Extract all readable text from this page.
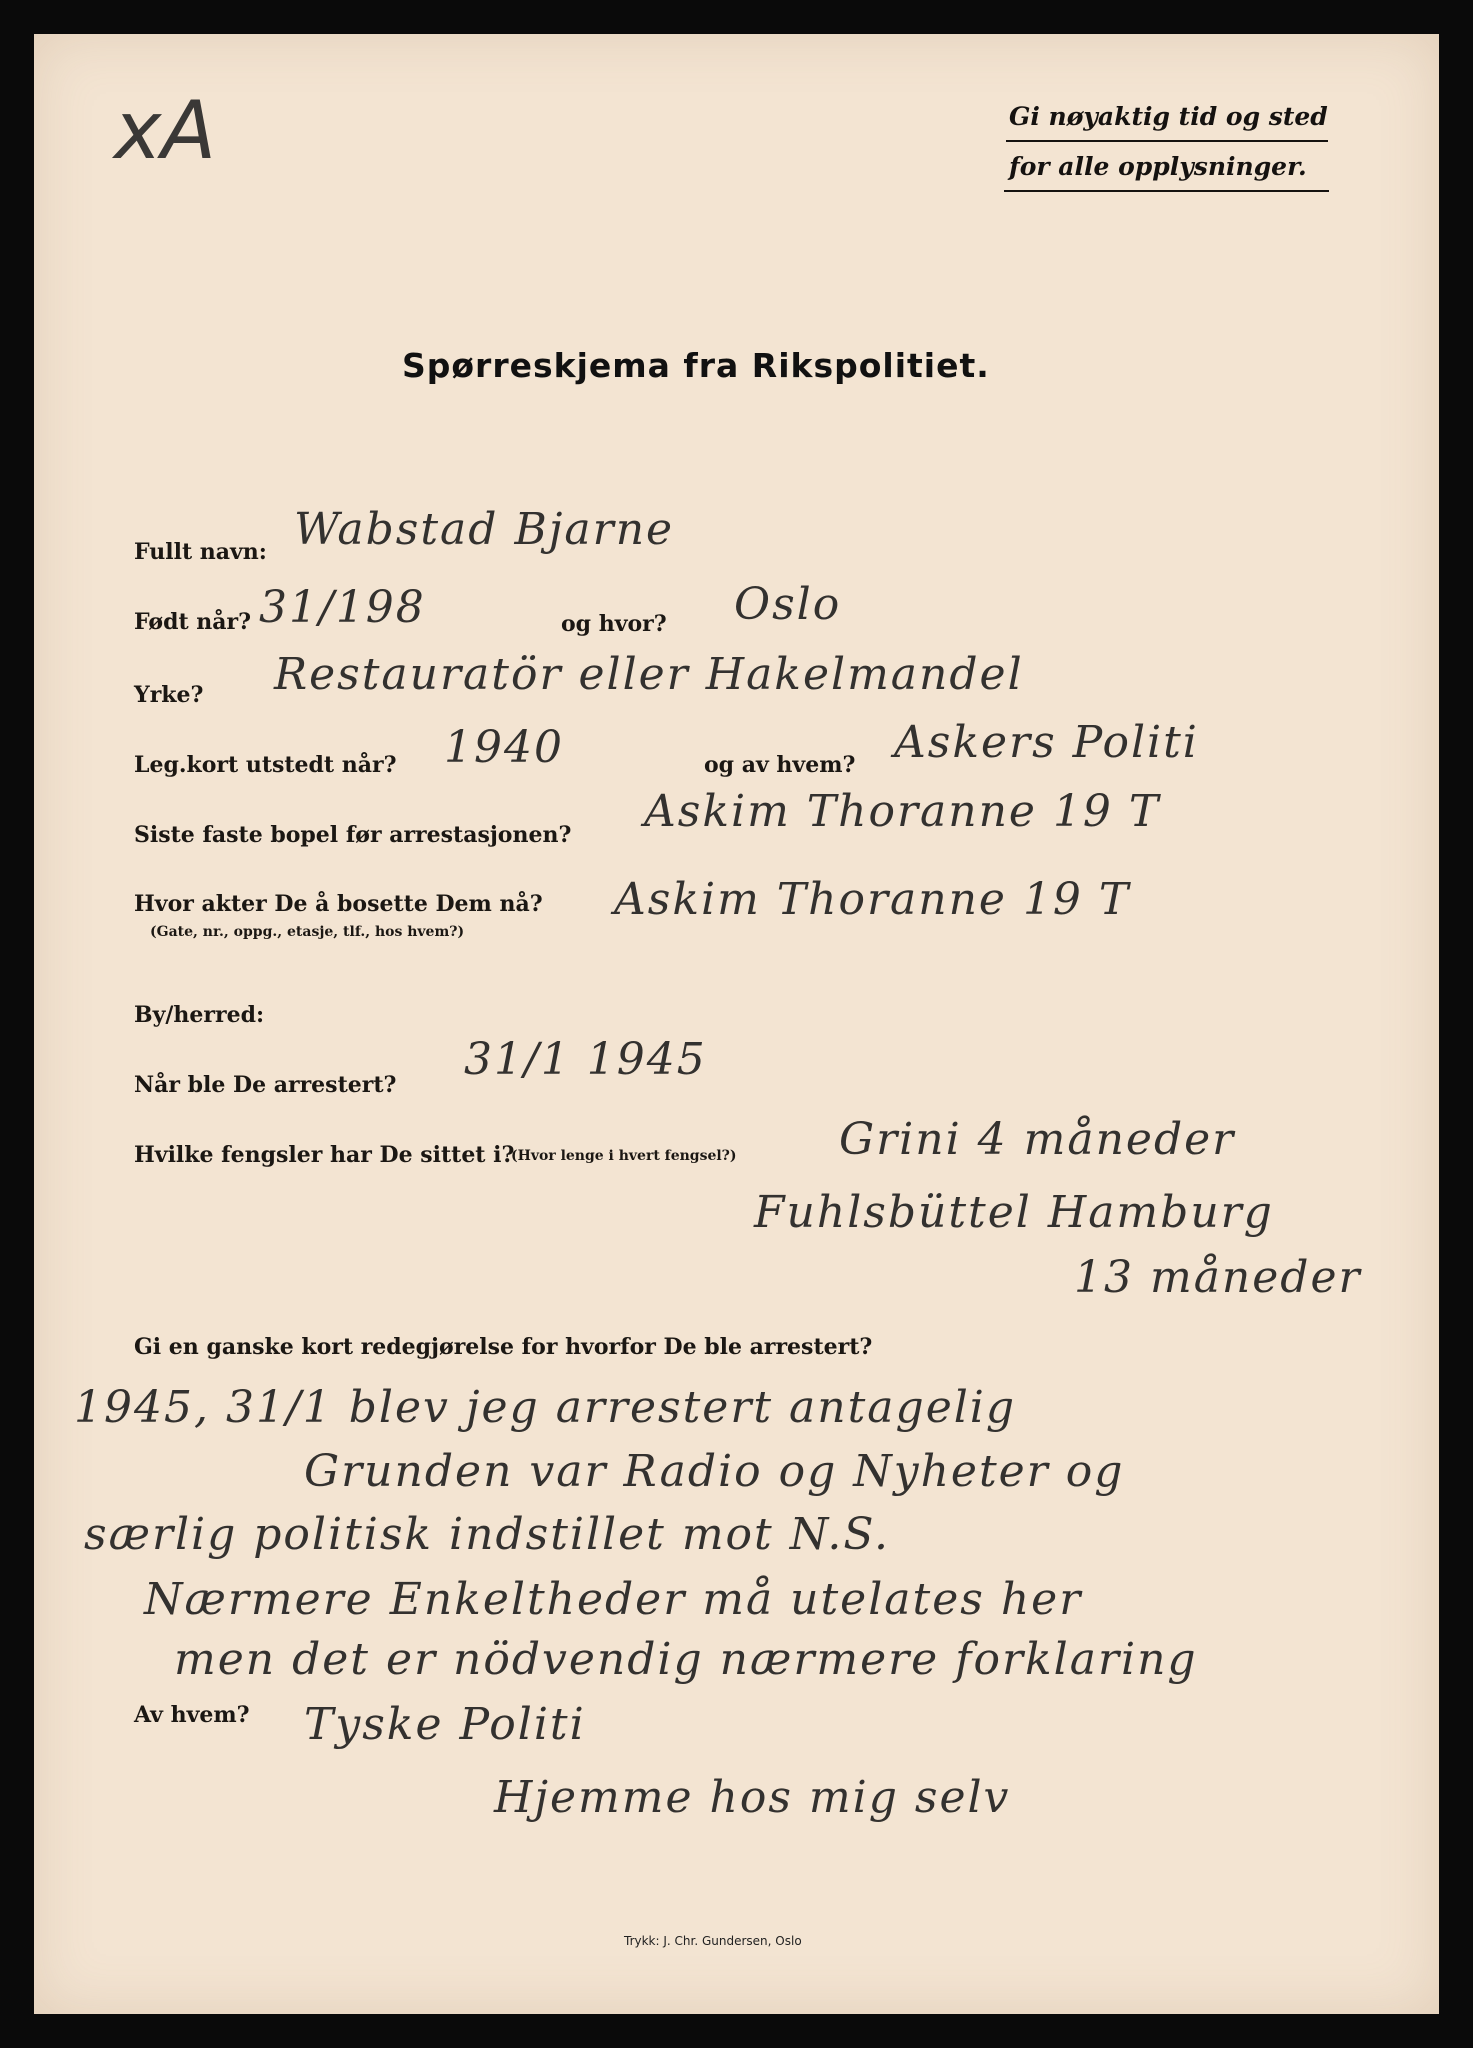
xA	Gi nøyaktig tid og sted
for alle opplysninger.
Spørreskjema fra Rikspolitiet.
Fullt navn: Wabstad Bjarne
Født når? 31/198	og hvor? Oslo
Yrke? Restauratör eller Hakelmandel
Leg.kort utstedt når? 1940	og av hvem? Askers Politi
Siste faste bopel før arrestasjonen? Askim Thoranne 19 T
Hvor akter De å bosette Dem nå?
(Gate, nr., oppg., etasje, tlf., hos hvem?)
Askim Thoranne 19 T
By/herred:
Når ble De arrestert? 31/1 1945
Hvilke fengsler har De sittet i?
(Hvor lenge i hvert fengsel?) Grini 4 måneder
Fuhlsbüttel Hamburg
13 måneder
Gi en ganske kort redegjørelse for hvorfor De ble arrestert?
1945, 31/1 blev jeg arrestert antagelig
Grunden var Radio og Nyheter og
særlig politisk indstillet mot N.S.
Nærmere Enkeltheder må utelates her
men det er nödvendig nærmere forklaring
Av hvem? Tyske Politi
Hjemme hos mig selv
Trykk: J. Chr. Gundersen, Oslo
